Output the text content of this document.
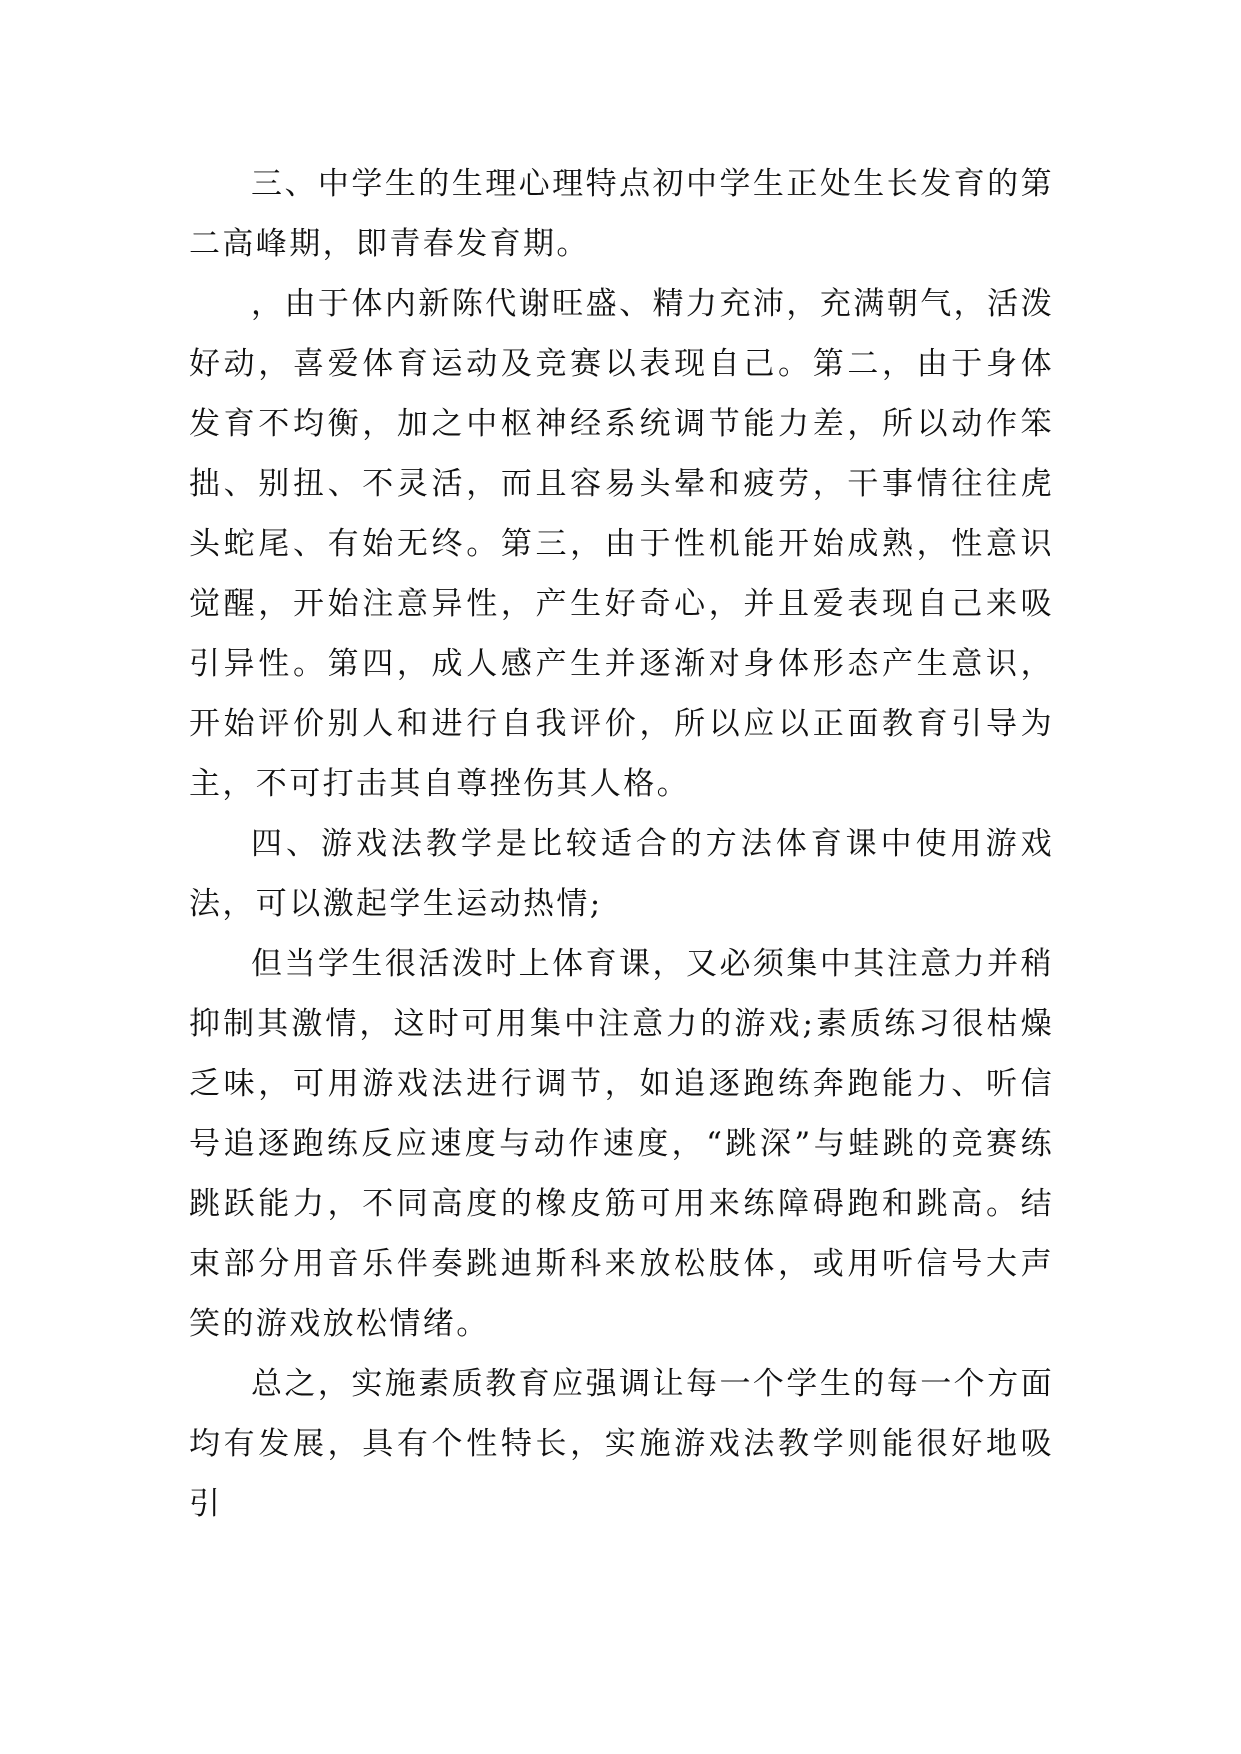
三、中学生的生理心理特点初中学生正处生长发育的第二高峰期，即青春发育期。

，由于体内新陈代谢旺盛、精力充沛，充满朝气，活泼好动，喜爱体育运动及竞赛以表现自己。第二，由于身体发育不均衡，加之中枢神经系统调节能力差，所以动作笨拙、别扭、不灵活，而且容易头晕和疲劳，干事情往往虎头蛇尾、有始无终。第三，由于性机能开始成熟，性意识觉醒，开始注意异性，产生好奇心，并且爱表现自己来吸引异性。第四，成人感产生并逐渐对身体形态产生意识，开始评价别人和进行自我评价，所以应以正面教育引导为主，不可打击其自尊挫伤其人格。

四、游戏法教学是比较适合的方法体育课中使用游戏法，可以激起学生运动热情;

但当学生很活泼时上体育课，又必须集中其注意力并稍抑制其激情，这时可用集中注意力的游戏;素质练习很枯燥乏味，可用游戏法进行调节，如追逐跑练奔跑能力、听信号追逐跑练反应速度与动作速度，“跳深”与蛙跳的竞赛练跳跃能力，不同高度的橡皮筋可用来练障碍跑和跳高。结束部分用音乐伴奏跳迪斯科来放松肢体，或用听信号大声笑的游戏放松情绪。

总之，实施素质教育应强调让每一个学生的每一个方面均有发展，具有个性特长，实施游戏法教学则能很好地吸引
